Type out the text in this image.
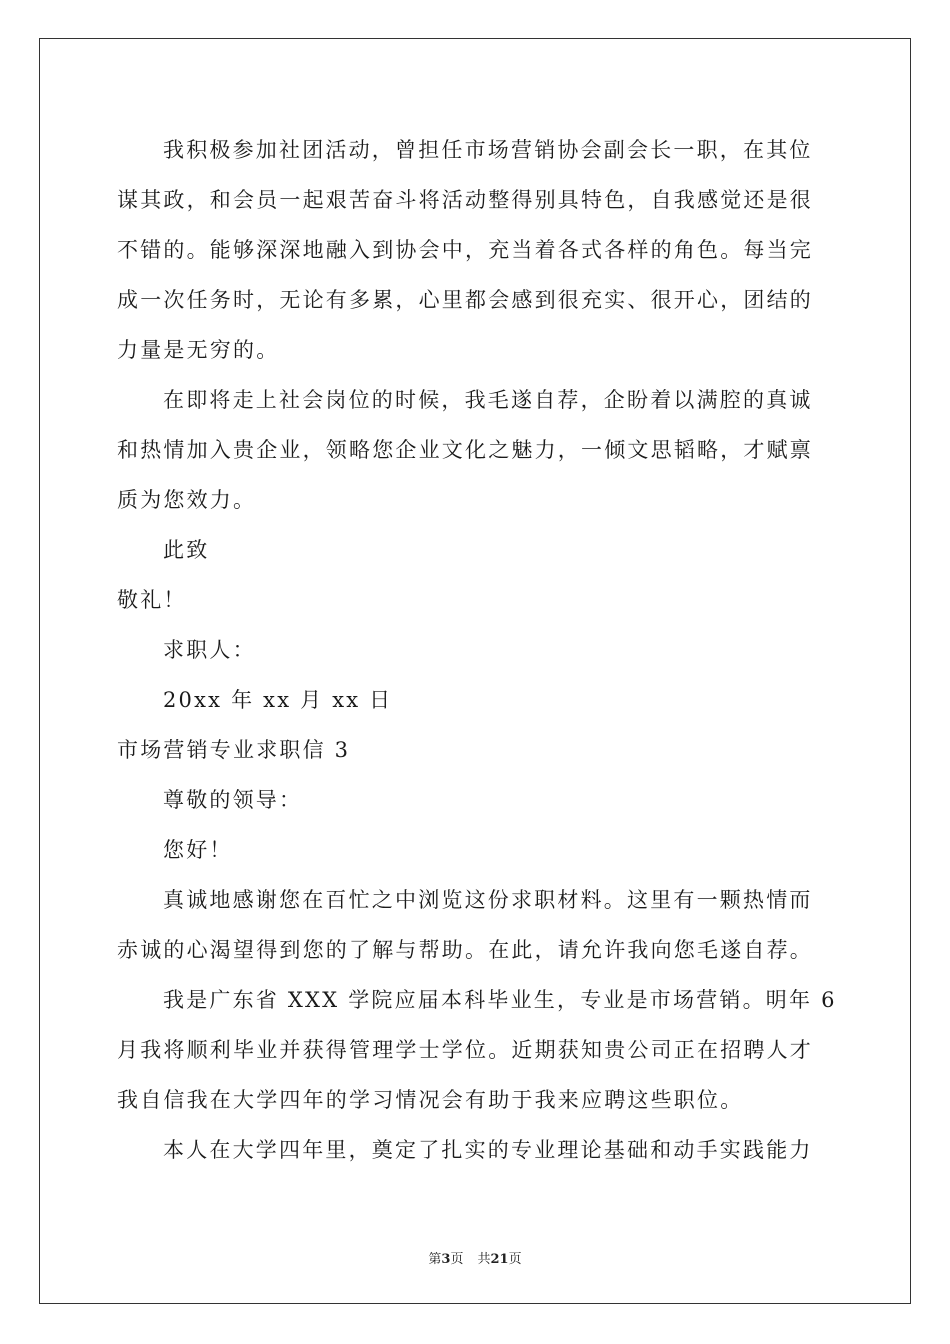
我积极参加社团活动，曾担任市场营销协会副会长一职，在其位
谋其政，和会员一起艰苦奋斗将活动整得别具特色，自我感觉还是很
不错的。能够深深地融入到协会中，充当着各式各样的角色。每当完
成一次任务时，无论有多累，心里都会感到很充实、很开心，团结的
力量是无穷的。
在即将走上社会岗位的时候，我毛遂自荐，企盼着以满腔的真诚
和热情加入贵企业，领略您企业文化之魅力，一倾文思韬略，才赋禀
质为您效力。
此致
敬礼！
求职人：
20xx 年 xx 月 xx 日
市场营销专业求职信 3
尊敬的领导：
您好！
真诚地感谢您在百忙之中浏览这份求职材料。这里有一颗热情而
赤诚的心渴望得到您的了解与帮助。在此，请允许我向您毛遂自荐。
我是广东省 XXX 学院应届本科毕业生，专业是市场营销。明年 6
月我将顺利毕业并获得管理学士学位。近期获知贵公司正在招聘人才
我自信我在大学四年的学习情况会有助于我来应聘这些职位。
本人在大学四年里，奠定了扎实的专业理论基础和动手实践能力
第3页 共21页
